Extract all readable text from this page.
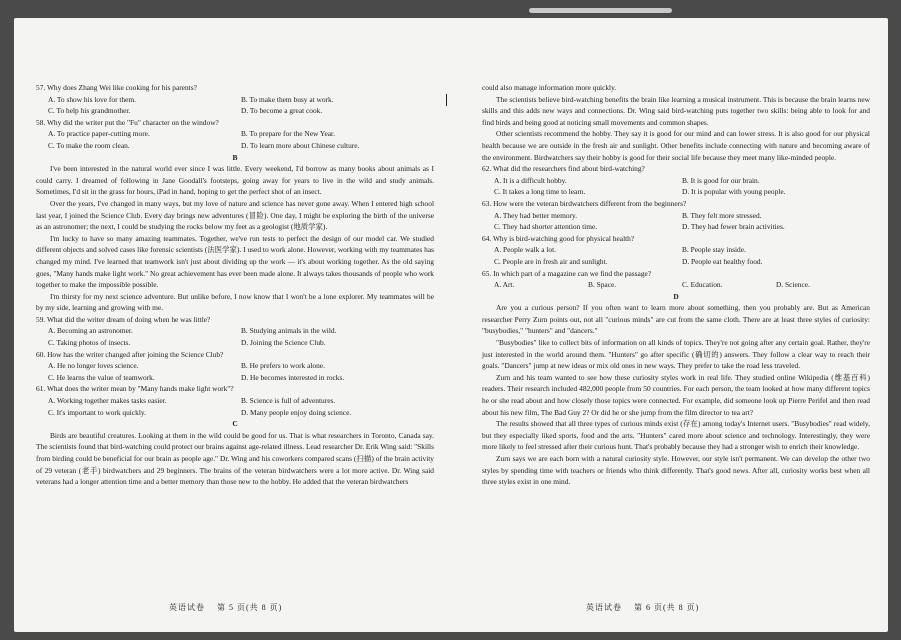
57. Why does Zhang Wei like cooking for his parents?

A. To show his love for them.	B. To make them busy at work.
C. To help his grandmother.	D. To become a great cook.

58. Why did the writer put the "Fu" character on the window?

A. To practice paper-cutting more.	B. To prepare for the New Year.
C. To make the room clean.	D. To learn more about Chinese culture.

B

I've been interested in the natural world ever since I was little. Every weekend, I'd borrow as many books about animals as I could carry. I dreamed of following in Jane Goodall's footsteps, going away for years to live in the wild and study animals. Sometimes, I'd sit in the grass for hours, iPad in hand, hoping to get the perfect shot of an insect.

Over the years, I've changed in many ways, but my love of nature and science has never gone away. When I entered high school last year, I joined the Science Club. Every day brings new adventures (冒险). One day, I might be exploring the birth of the universe as an astronomer; the next, I could be studying the rocks below my feet as a geologist (地质学家).

I'm lucky to have so many amazing teammates. Together, we've run tests to perfect the design of our model car. We studied different objects and solved cases like forensic scientists (法医学家). I used to work alone. However, working with my teammates has changed my mind. I've learned that teamwork isn't just about dividing up the work — it's about working together. As the old saying goes, "Many hands make light work." No great achievement has ever been made alone. It always takes thousands of people who work together to make the impossible possible.

I'm thirsty for my next science adventure. But unlike before, I now know that I won't be a lone explorer. My teammates will be by my side, learning and growing with me.

59. What did the writer dream of doing when he was little?

A. Becoming an astronomer.	B. Studying animals in the wild.
C. Taking photos of insects.	D. Joining the Science Club.

60. How has the writer changed after joining the Science Club?

A. He no longer loves science.	B. He prefers to work alone.
C. He learns the value of teamwork.	D. He becomes interested in rocks.

61. What does the writer mean by "Many hands make light work"?

A. Working together makes tasks easier.	B. Science is full of adventures.
C. It's important to work quickly.	D. Many people enjoy doing science.

C

Birds are beautiful creatures. Looking at them in the wild could be good for us. That is what researchers in Toronto, Canada say. The scientists found that bird-watching could protect our brains against age-related illness. Lead researcher Dr. Erik Wing said: "Skills from birding could be beneficial for our brain as people age." Dr. Wing and his coworkers compared scans (扫描) of the brain activity of 29 veteran (老手) birdwatchers and 29 beginners. The brains of the veteran birdwatchers were a lot more active. Dr. Wing said veterans had a longer attention time and a better memory than those new to the hobby. He added that the veteran birdwatchers

could also manage information more quickly.

The scientists believe bird-watching benefits the brain like learning a musical instrument. This is because the brain learns new skills and this adds new ways and connections. Dr. Wing said bird-watching puts together two skills: being able to look for and find birds and being good at noticing small movements and common shapes.

Other scientists recommend the hobby. They say it is good for our mind and can lower stress. It is also good for our physical health because we are outside in the fresh air and sunlight. Other benefits include connecting with nature and becoming aware of the environment. Birdwatchers say their hobby is good for their social life because they meet many like-minded people.

62. What did the researchers find about bird-watching?

A. It is a difficult hobby.	B. It is good for our brain.
C. It takes a long time to learn.	D. It is popular with young people.

63. How were the veteran birdwatchers different from the beginners?

A. They had better memory.	B. They felt more stressed.
C. They had shorter attention time.	D. They had fewer brain activities.

64. Why is bird-watching good for physical health?

A. People walk a lot.	B. People stay inside.
C. People are in fresh air and sunlight.	D. People eat healthy food.

65. In which part of a magazine can we find the passage?

A. Art.	B. Space.	C. Education.	D. Science.

D

Are you a curious person? If you often want to learn more about something, then you probably are. But as American researcher Perry Zurn points out, not all "curious minds" are cut from the same cloth. There are at least three styles of curiosity: "busybodies," "hunters" and "dancers."

"Busybodies" like to collect bits of information on all kinds of topics. They're not going after any certain goal. Rather, they're just interested in the world around them. "Hunters" go after specific (确切的) answers. They follow a clear way to reach their goals. "Dancers" jump at new ideas or mix old ones in new ways. They prefer to take the road less traveled.

Zurn and his team wanted to see how these curiosity styles work in real life. They studied online Wikipedia (维基百科) readers. Their research included 482,000 people from 50 countries. For each person, the team looked at how many different topics he or she read about and how closely those topics were connected. For example, did someone look up Pierre Perifel and then read about his new film, The Bad Guy 2? Or did he or she jump from the film director to tea art?

The results showed that all three types of curious minds exist (存在) among today's Internet users. "Busybodies" read widely, but they especially liked sports, food and the arts. "Hunters" cared more about science and technology. Interestingly, they were more likely to feel stressed after their curious hunt. That's probably because they had a stronger wish to enrich their knowledge.

Zurn says we are each born with a natural curiosity style. However, our style isn't permanent. We can develop the other two styles by spending time with teachers or friends who think differently. That's good news. After all, curiosity works best when all three styles exist in one mind.

英语试卷　 第 5 页(共 8 页)	英语试卷　 第 6 页(共 8 页)
